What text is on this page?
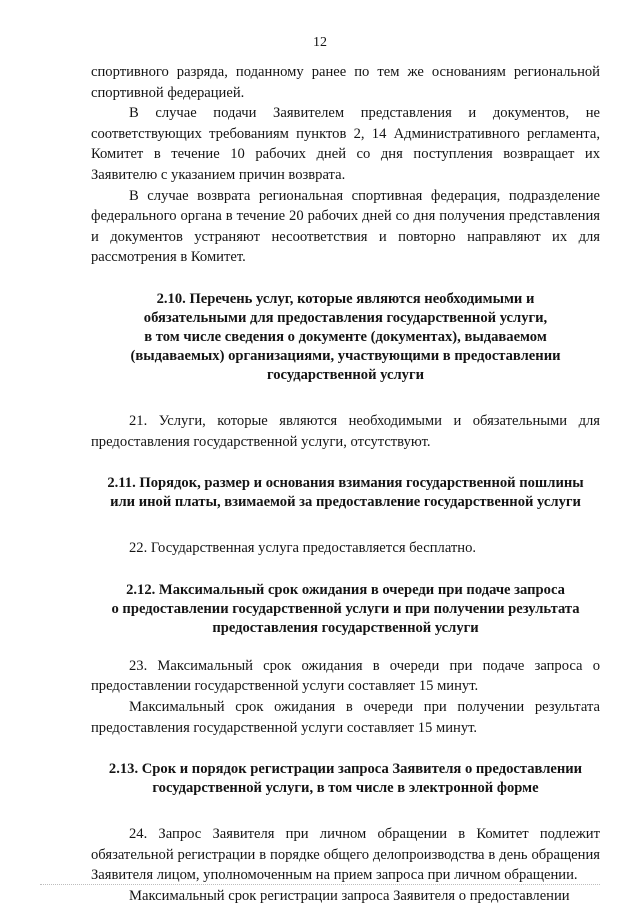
12

спортивного разряда, поданному ранее по тем же основаниям региональной спортивной федерацией.

В случае подачи Заявителем представления и документов, не соответствующих требованиям пунктов 2, 14 Административного регламента, Комитет в течение 10 рабочих дней со дня поступления возвращает их Заявителю с указанием причин возврата.

В случае возврата региональная спортивная федерация, подразделение федерального органа в течение 20 рабочих дней со дня получения представления и документов устраняют несоответствия и повторно направляют их для рассмотрения в Комитет.

2.10. Перечень услуг, которые являются необходимыми и
обязательными для предоставления государственной услуги,
в том числе сведения о документе (документах), выдаваемом
(выдаваемых) организациями, участвующими в предоставлении
государственной услуги

21. Услуги, которые являются необходимыми и обязательными для предоставления государственной услуги, отсутствуют.

2.11. Порядок, размер и основания взимания государственной пошлины
или иной платы, взимаемой за предоставление государственной услуги

22. Государственная услуга предоставляется бесплатно.

2.12. Максимальный срок ожидания в очереди при подаче запроса
о предоставлении государственной услуги и при получении результата
предоставления государственной услуги

23. Максимальный срок ожидания в очереди при подаче запроса о предоставлении государственной услуги составляет 15 минут.

Максимальный срок ожидания в очереди при получении результата предоставления государственной услуги составляет 15 минут.

2.13. Срок и порядок регистрации запроса Заявителя о предоставлении
государственной услуги, в том числе в электронной форме

24. Запрос Заявителя при личном обращении в Комитет подлежит обязательной регистрации в порядке общего делопроизводства в день обращения Заявителя лицом, уполномоченным на прием запроса при личном обращении.

Максимальный срок регистрации запроса Заявителя о предоставлении
